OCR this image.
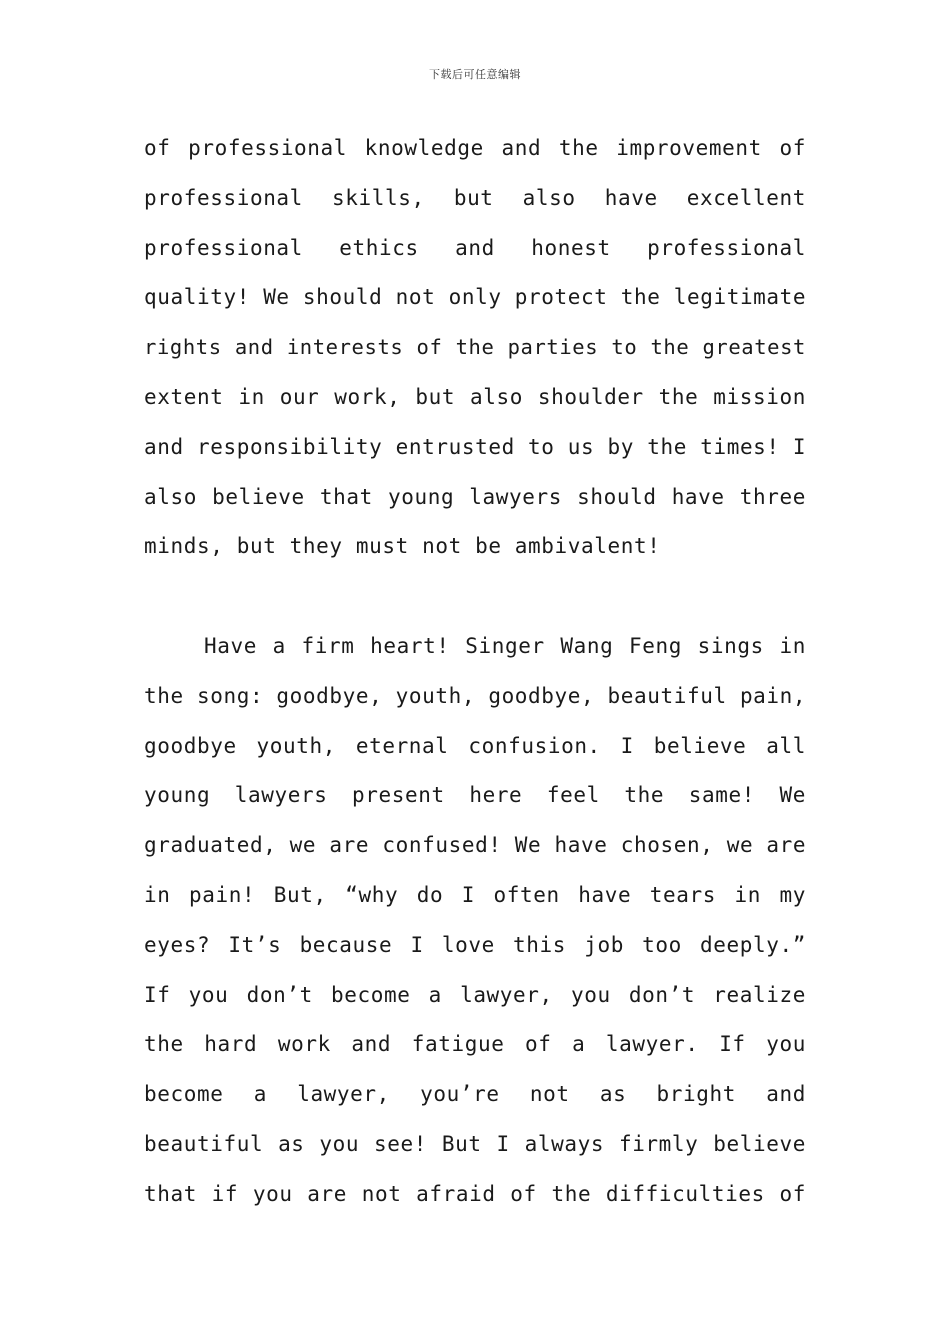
下载后可任意编辑
of professional knowledge and the improvement of
professional skills, but also have excellent
professional ethics and honest professional
quality! We should not only protect the legitimate
rights and interests of the parties to the greatest
extent in our work, but also shoulder the mission
and responsibility entrusted to us by the times! I
also believe that young lawyers should have three
minds, but they must not be ambivalent!
Have a firm heart! Singer Wang Feng sings in
the song: goodbye, youth, goodbye, beautiful pain,
goodbye youth, eternal confusion. I believe all
young lawyers present here feel the same! We
graduated, we are confused! We have chosen, we are
in pain! But, “why do I often have tears in my
eyes? It’s because I love this job too deeply.”
If you don’t become a lawyer, you don’t realize
the hard work and fatigue of a lawyer. If you
become a lawyer, you’re not as bright and
beautiful as you see! But I always firmly believe
that if you are not afraid of the difficulties of
